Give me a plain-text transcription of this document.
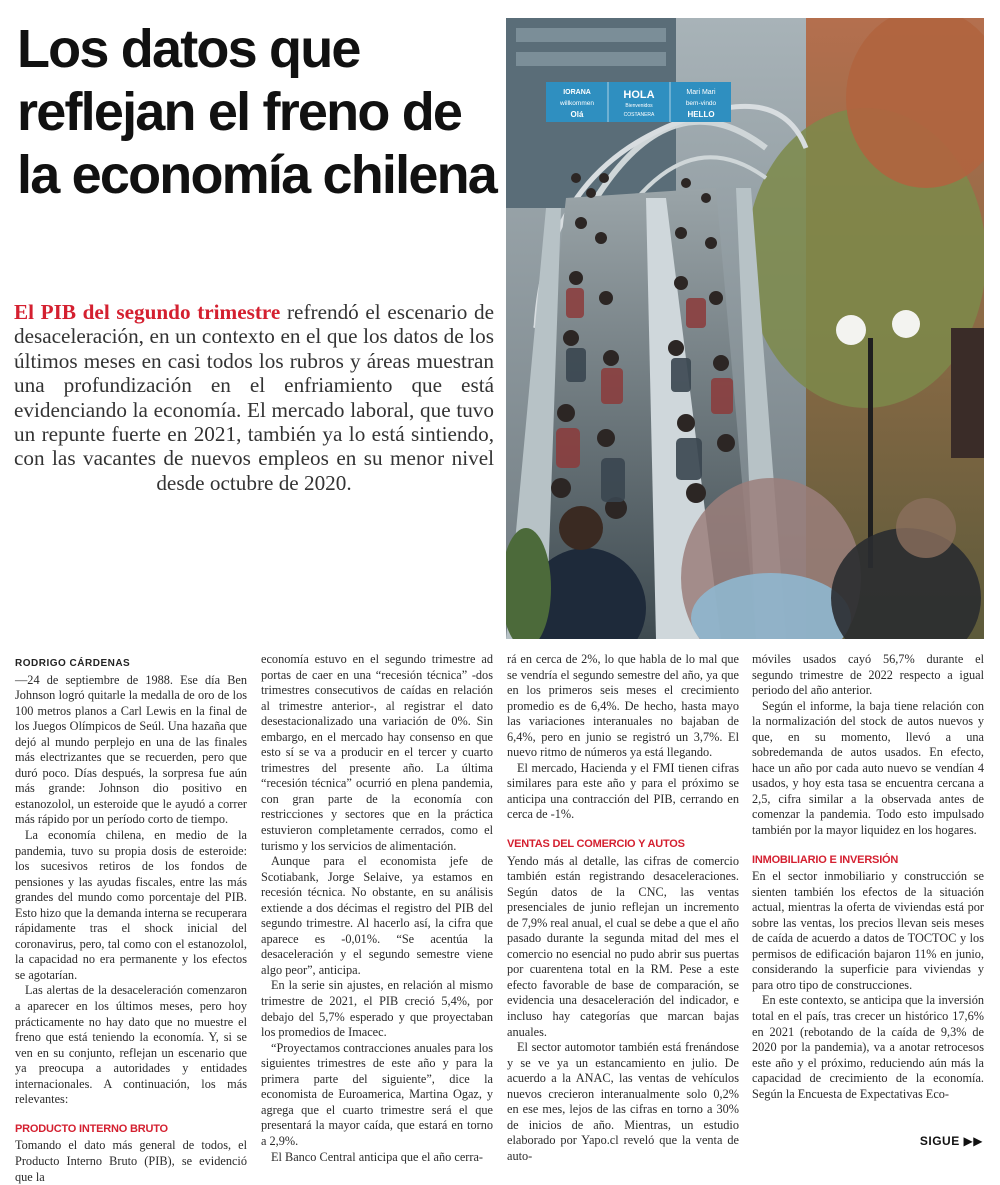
Los datos que reflejan el freno de la economía chilena

El PIB del segundo trimestre refrendó el escenario de desaceleración, en un contexto en el que los datos de los últimos meses en casi todos los rubros y áreas muestran una profundización en el enfriamiento que está evidenciando la economía. El mercado laboral, que tuvo un repunte fuerte en 2021, también ya lo está sintiendo, con las vacantes de nuevos empleos en su menor nivel desde octubre de 2020.

IORANA	HOLA	Mari Mari
willkommen	Bienvenidos	bem-vindo
Olá	COSTANERA	HELLO
RODRIGO CÁRDENAS

—24 de septiembre de 1988. Ese día Ben Johnson logró quitarle la medalla de oro de los 100 metros planos a Carl Lewis en la final de los Juegos Olímpicos de Seúl. Una hazaña que dejó al mundo perplejo en una de las finales más electrizantes que se recuerden, pero que duró poco. Días después, la sorpresa fue aún más grande: Johnson dio positivo en estanozolol, un esteroide que le ayudó a correr más rápido por un período corto de tiempo.

La economía chilena, en medio de la pandemia, tuvo su propia dosis de esteroide: los sucesivos retiros de los fondos de pensiones y las ayudas fiscales, entre las más grandes del mundo como porcentaje del PIB. Esto hizo que la demanda interna se recuperara rápidamente tras el shock inicial del coronavirus, pero, tal como con el estanozolol, la capacidad no era permanente y los efectos se agotarían.

Las alertas de la desaceleración comenzaron a aparecer en los últimos meses, pero hoy prácticamente no hay dato que no muestre el freno que está teniendo la economía. Y, si se ven en su conjunto, reflejan un escenario que ya preocupa a autoridades y entidades internacionales. A continuación, los más relevantes:

PRODUCTO INTERNO BRUTO

Tomando el dato más general de todos, el Producto Interno Bruto (PIB), se evidenció que la

economía estuvo en el segundo trimestre ad portas de caer en una “recesión técnica” -dos trimestres consecutivos de caídas en relación al trimestre anterior-, al registrar el dato desestacionalizado una variación de 0%. Sin embargo, en el mercado hay consenso en que esto sí se va a producir en el tercer y cuarto trimestres del presente año. La última “recesión técnica” ocurrió en plena pandemia, con gran parte de la economía con restricciones y sectores que en la práctica estuvieron completamente cerrados, como el turismo y los servicios de alimentación.

Aunque para el economista jefe de Scotiabank, Jorge Selaive, ya estamos en recesión técnica. No obstante, en su análisis extiende a dos décimas el registro del PIB del segundo trimestre. Al hacerlo así, la cifra que aparece es -0,01%. “Se acentúa la desaceleración y el segundo semestre viene algo peor”, anticipa.

En la serie sin ajustes, en relación al mismo trimestre de 2021, el PIB creció 5,4%, por debajo del 5,7% esperado y que proyectaban los promedios de Imacec.

“Proyectamos contracciones anuales para los siguientes trimestres de este año y para la primera parte del siguiente”, dice la economista de Euroamerica, Martina Ogaz, y agrega que el cuarto trimestre será el que presentará la mayor caída, que estará en torno a 2,9%.

El Banco Central anticipa que el año cerra-

rá en cerca de 2%, lo que habla de lo mal que se vendría el segundo semestre del año, ya que en los primeros seis meses el crecimiento promedio es de 6,4%. De hecho, hasta mayo las variaciones interanuales no bajaban de 6,4%, pero en junio se registró un 3,7%. El nuevo ritmo de números ya está llegando.

El mercado, Hacienda y el FMI tienen cifras similares para este año y para el próximo se anticipa una contracción del PIB, cerrando en cerca de -1%.

VENTAS DEL COMERCIO Y AUTOS

Yendo más al detalle, las cifras de comercio también están registrando desaceleraciones. Según datos de la CNC, las ventas presenciales de junio reflejan un incremento de 7,9% real anual, el cual se debe a que el año pasado durante la segunda mitad del mes el comercio no esencial no pudo abrir sus puertas por cuarentena total en la RM. Pese a este efecto favorable de base de comparación, se evidencia una desaceleración del indicador, e incluso hay categorías que marcan bajas anuales.

El sector automotor también está frenándose y se ve ya un estancamiento en julio. De acuerdo a la ANAC, las ventas de vehículos nuevos crecieron interanualmente solo 0,2% en ese mes, lejos de las cifras en torno a 30% de inicios de año. Mientras, un estudio elaborado por Yapo.cl reveló que la venta de auto-

móviles usados cayó 56,7% durante el segundo trimestre de 2022 respecto a igual periodo del año anterior.

Según el informe, la baja tiene relación con la normalización del stock de autos nuevos y que, en su momento, llevó a una sobredemanda de autos usados. En efecto, hace un año por cada auto nuevo se vendían 4 usados, y hoy esta tasa se encuentra cercana a 2,5, cifra similar a la observada antes de comenzar la pandemia. Todo esto impulsado también por la mayor liquidez en los hogares.

INMOBILIARIO E INVERSIÓN

En el sector inmobiliario y construcción se sienten también los efectos de la situación actual, mientras la oferta de viviendas está por sobre las ventas, los precios llevan seis meses de caída de acuerdo a datos de TOCTOC y los permisos de edificación bajaron 11% en junio, considerando la superficie para viviendas y para otro tipo de construcciones.

En este contexto, se anticipa que la inversión total en el país, tras crecer un histórico 17,6% en 2021 (rebotando de la caída de 9,3% de 2020 por la pandemia), va a anotar retrocesos este año y el próximo, reduciendo aún más la capacidad de crecimiento de la economía. Según la Encuesta de Expectativas Eco-

SIGUE ▶▶
